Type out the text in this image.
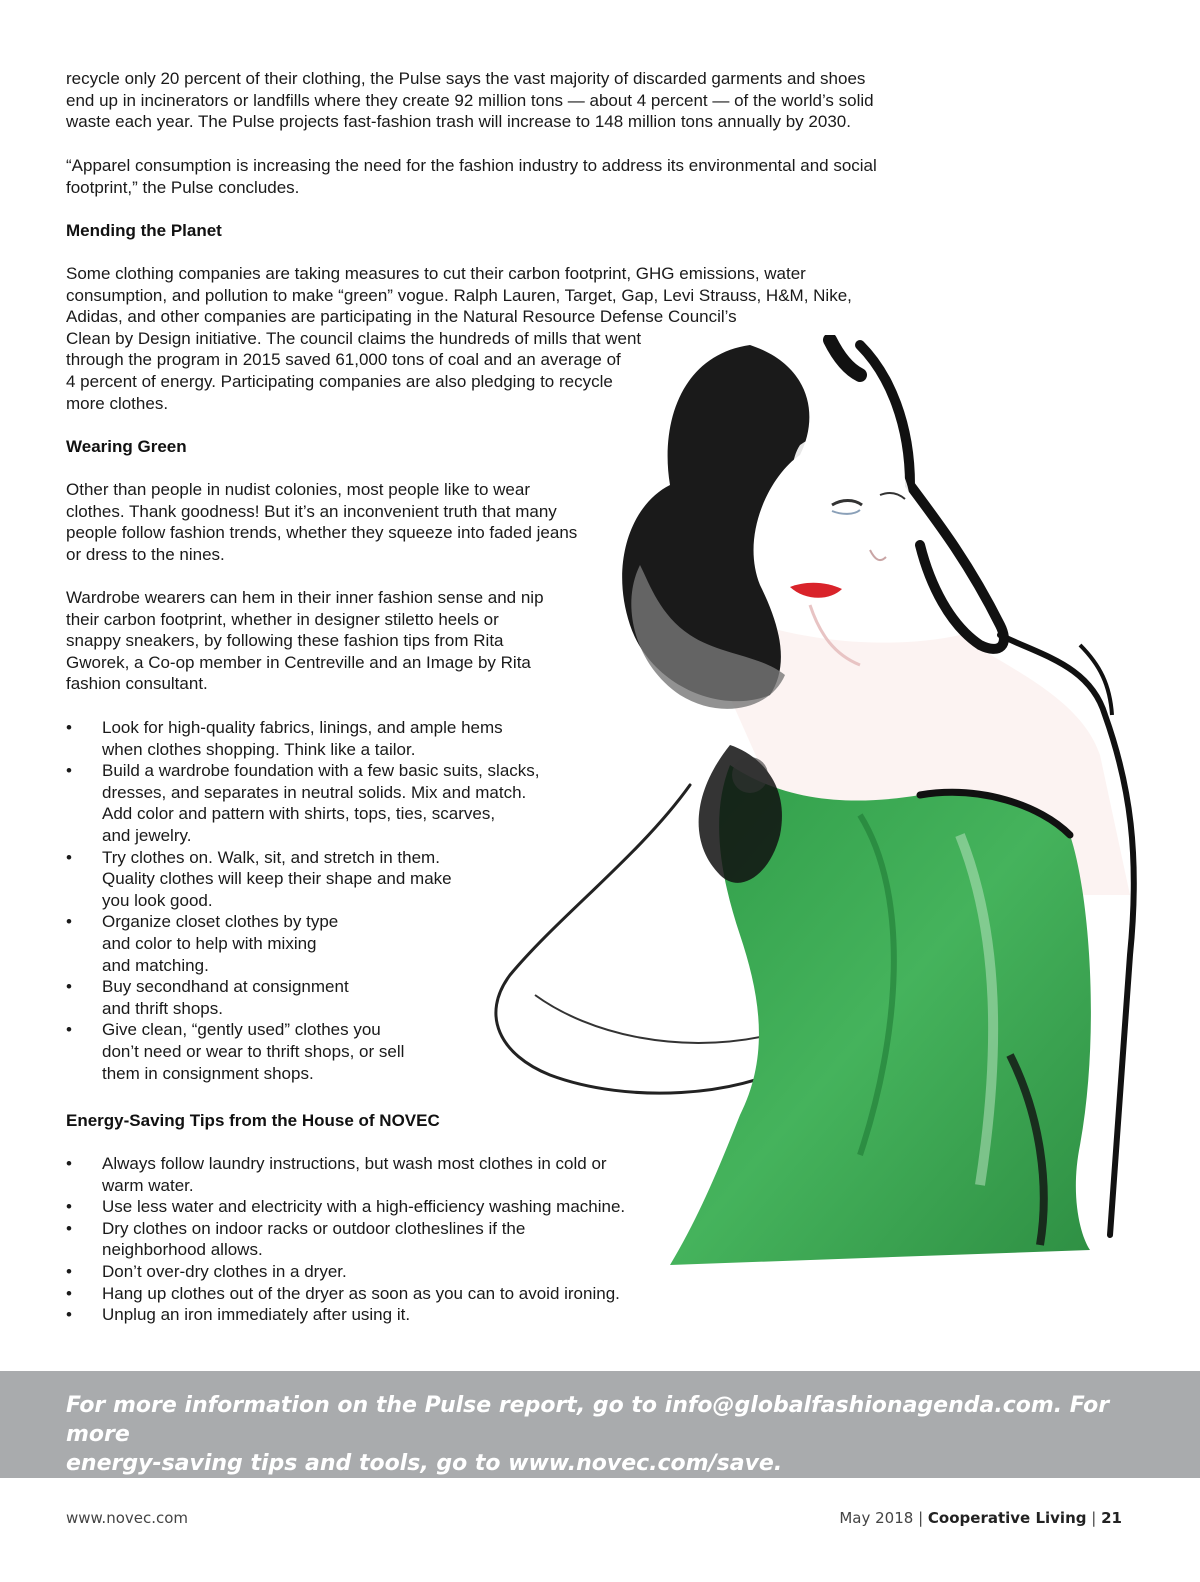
recycle only 20 percent of their clothing, the Pulse says the vast majority of discarded garments and shoes
end up in incinerators or landfills where they create 92 million tons — about 4 percent — of the world’s solid
waste each year. The Pulse projects fast-fashion trash will increase to 148 million tons annually by 2030.

“Apparel consumption is increasing the need for the fashion industry to address its environmental and social
footprint,” the Pulse concludes.

Mending the Planet

Some clothing companies are taking measures to cut their carbon footprint, GHG emissions, water
consumption, and pollution to make “green” vogue. Ralph Lauren, Target, Gap, Levi Strauss, H&M, Nike,
Adidas, and other companies are participating in the Natural Resource Defense Council’s
Clean by Design initiative. The council claims the hundreds of mills that went
through the program in 2015 saved 61,000 tons of coal and an average of
4 percent of energy. Participating companies are also pledging to recycle
more clothes.

Wearing Green

Other than people in nudist colonies, most people like to wear
clothes. Thank goodness! But it’s an inconvenient truth that many
people follow fashion trends, whether they squeeze into faded jeans
or dress to the nines.

Wardrobe wearers can hem in their inner fashion sense and nip
their carbon footprint, whether in designer stiletto heels or
snappy sneakers, by following these fashion tips from Rita
Gworek, a Co-op member in Centreville and an Image by Rita
fashion consultant.

• Look for high-quality fabrics, linings, and ample hems
when clothes shopping. Think like a tailor.
• Build a wardrobe foundation with a few basic suits, slacks,
dresses, and separates in neutral solids. Mix and match.
Add color and pattern with shirts, tops, ties, scarves,
and jewelry.
• Try clothes on. Walk, sit, and stretch in them.
Quality clothes will keep their shape and make
you look good.
• Organize closet clothes by type
and color to help with mixing
and matching.
• Buy secondhand at consignment
and thrift shops.
• Give clean, “gently used” clothes you
don’t need or wear to thrift shops, or sell
them in consignment shops.
Energy-Saving Tips from the House of NOVEC
• Always follow laundry instructions, but wash most clothes in cold or
warm water.
• Use less water and electricity with a high-efficiency washing machine.
• Dry clothes on indoor racks or outdoor clotheslines if the
neighborhood allows.
• Don’t over-dry clothes in a dryer.
• Hang up clothes out of the dryer as soon as you can to avoid ironing.
• Unplug an iron immediately after using it.

For more information on the Pulse report, go to info@globalfashionagenda.com. For more
energy-saving tips and tools, go to www.novec.com/save.

www.novec.com	May 2018 | Cooperative Living | 21
